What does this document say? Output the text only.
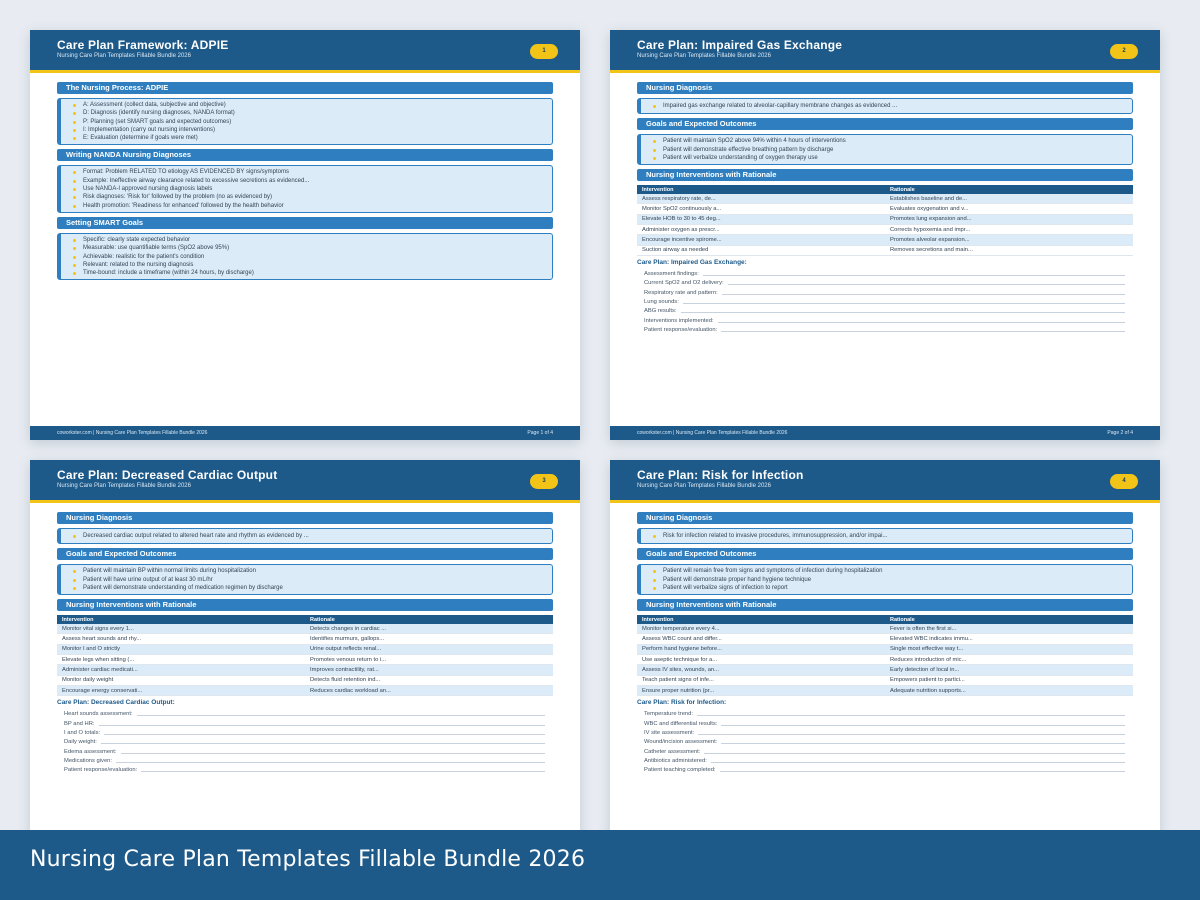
Care Plan Framework: ADPIE
Nursing Care Plan Templates Fillable Bundle 2026
1
The Nursing Process: ADPIE
A: Assessment (collect data, subjective and objective)
D: Diagnosis (identify nursing diagnoses, NANDA format)
P: Planning (set SMART goals and expected outcomes)
I: Implementation (carry out nursing interventions)
E: Evaluation (determine if goals were met)
Writing NANDA Nursing Diagnoses
Format: Problem RELATED TO etiology AS EVIDENCED BY signs/symptoms
Example: Ineffective airway clearance related to excessive secretions as evidenced...
Use NANDA-I approved nursing diagnosis labels
Risk diagnoses: 'Risk for' followed by the problem (no as evidenced by)
Health promotion: 'Readiness for enhanced' followed by the health behavior
Setting SMART Goals
Specific: clearly state expected behavior
Measurable: use quantifiable terms (SpO2 above 95%)
Achievable: realistic for the patient's condition
Relevant: related to the nursing diagnosis
Time-bound: include a timeframe (within 24 hours, by discharge)
coworkster.com | Nursing Care Plan Templates Fillable Bundle 2026	Page 1 of 4
Care Plan: Impaired Gas Exchange
Nursing Care Plan Templates Fillable Bundle 2026
2
Nursing Diagnosis
Impaired gas exchange related to alveolar-capillary membrane changes as evidenced ...
Goals and Expected Outcomes
Patient will maintain SpO2 above 94% within 4 hours of interventions
Patient will demonstrate effective breathing pattern by discharge
Patient will verbalize understanding of oxygen therapy use
Nursing Interventions with Rationale
Intervention	Rationale
Assess respiratory rate, de...	Establishes baseline and de...
Monitor SpO2 continuously a...	Evaluates oxygenation and v...
Elevate HOB to 30 to 45 deg...	Promotes lung expansion and...
Administer oxygen as prescr...	Corrects hypoxemia and impr...
Encourage incentive spirome...	Promotes alveolar expansion...
Suction airway as needed	Removes secretions and main...
Care Plan: Impaired Gas Exchange:
Assessment findings:
Current SpO2 and O2 delivery:
Respiratory rate and pattern:
Lung sounds:
ABG results:
Interventions implemented:
Patient response/evaluation:
coworkster.com | Nursing Care Plan Templates Fillable Bundle 2026	Page 2 of 4
Care Plan: Decreased Cardiac Output
Nursing Care Plan Templates Fillable Bundle 2026
3
Nursing Diagnosis
Decreased cardiac output related to altered heart rate and rhythm as evidenced by ...
Goals and Expected Outcomes
Patient will maintain BP within normal limits during hospitalization
Patient will have urine output of at least 30 mL/hr
Patient will demonstrate understanding of medication regimen by discharge
Nursing Interventions with Rationale
Intervention	Rationale
Monitor vital signs every 1...	Detects changes in cardiac ...
Assess heart sounds and rhy...	Identifies murmurs, gallops...
Monitor I and O strictly	Urine output reflects renal...
Elevate legs when sitting (...	Promotes venous return to i...
Administer cardiac medicati...	Improves contractility, rat...
Monitor daily weight	Detects fluid retention ind...
Encourage energy conservati...	Reduces cardiac workload an...
Care Plan: Decreased Cardiac Output:
Heart sounds assessment:
BP and HR:
I and O totals:
Daily weight:
Edema assessment:
Medications given:
Patient response/evaluation:
Care Plan: Risk for Infection
Nursing Care Plan Templates Fillable Bundle 2026
4
Nursing Diagnosis
Risk for infection related to invasive procedures, immunosuppression, and/or impai...
Goals and Expected Outcomes
Patient will remain free from signs and symptoms of infection during hospitalization
Patient will demonstrate proper hand hygiene technique
Patient will verbalize signs of infection to report
Nursing Interventions with Rationale
Intervention	Rationale
Monitor temperature every 4...	Fever is often the first si...
Assess WBC count and differ...	Elevated WBC indicates immu...
Perform hand hygiene before...	Single most effective way t...
Use aseptic technique for a...	Reduces introduction of mic...
Assess IV sites, wounds, an...	Early detection of local in...
Teach patient signs of infe...	Empowers patient to partici...
Ensure proper nutrition (pr...	Adequate nutrition supports...
Care Plan: Risk for Infection:
Temperature trend:
WBC and differential results:
IV site assessment:
Wound/incision assessment:
Catheter assessment:
Antibiotics administered:
Patient teaching completed:
Nursing Care Plan Templates Fillable Bundle 2026
